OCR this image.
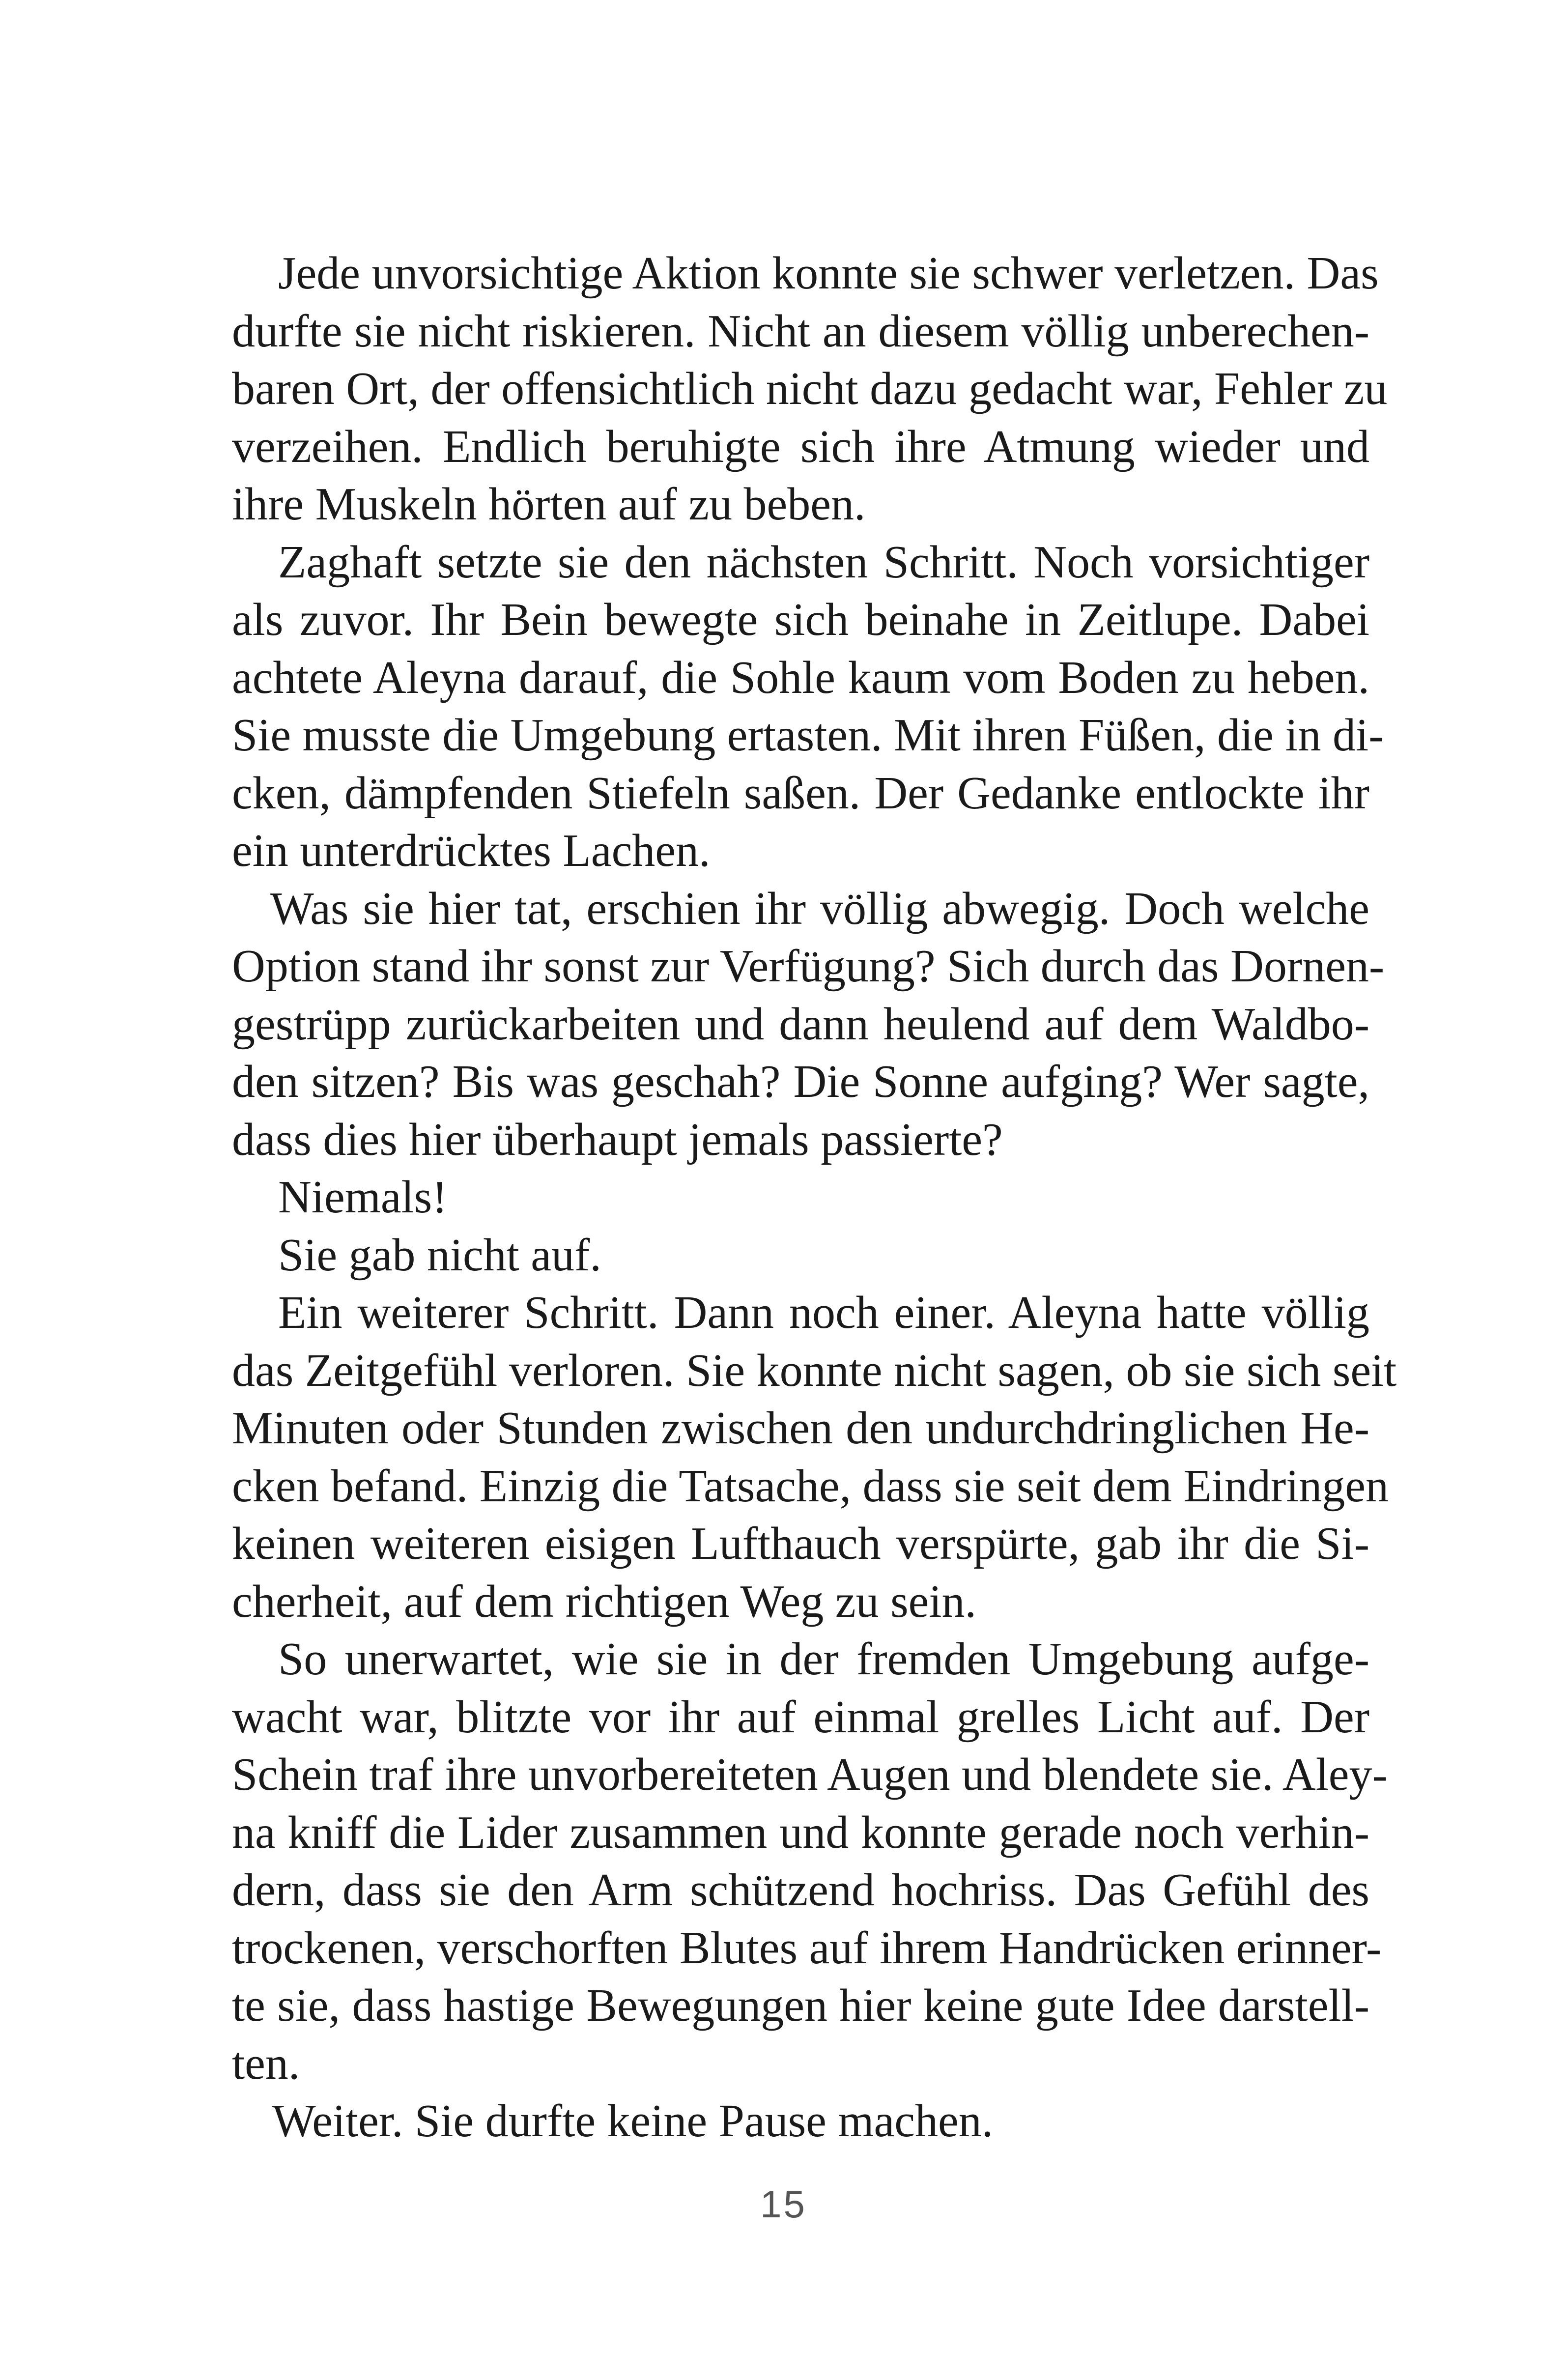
Jede unvorsichtige Aktion konnte sie schwer verletzen. Das
durfte sie nicht riskieren. Nicht an diesem völlig unberechen-
baren Ort, der offensichtlich nicht dazu gedacht war, Fehler zu
verzeihen. Endlich beruhigte sich ihre Atmung wieder und
ihre Muskeln hörten auf zu beben.
Zaghaft setzte sie den nächsten Schritt. Noch vorsichtiger
als zuvor. Ihr Bein bewegte sich beinahe in Zeitlupe. Dabei
achtete Aleyna darauf, die Sohle kaum vom Boden zu heben.
Sie musste die Umgebung ertasten. Mit ihren Füßen, die in di-
cken, dämpfenden Stiefeln saßen. Der Gedanke entlockte ihr
ein unterdrücktes Lachen.
Was sie hier tat, erschien ihr völlig abwegig. Doch welche
Option stand ihr sonst zur Verfügung? Sich durch das Dornen-
gestrüpp zurückarbeiten und dann heulend auf dem Waldbo-
den sitzen? Bis was geschah? Die Sonne aufging? Wer sagte,
dass dies hier überhaupt jemals passierte?
Niemals!
Sie gab nicht auf.
Ein weiterer Schritt. Dann noch einer. Aleyna hatte völlig
das Zeitgefühl verloren. Sie konnte nicht sagen, ob sie sich seit
Minuten oder Stunden zwischen den undurchdringlichen He-
cken befand. Einzig die Tatsache, dass sie seit dem Eindringen
keinen weiteren eisigen Lufthauch verspürte, gab ihr die Si-
cherheit, auf dem richtigen Weg zu sein.
So unerwartet, wie sie in der fremden Umgebung aufge-
wacht war, blitzte vor ihr auf einmal grelles Licht auf. Der
Schein traf ihre unvorbereiteten Augen und blendete sie. Aley-
na kniff die Lider zusammen und konnte gerade noch verhin-
dern, dass sie den Arm schützend hochriss. Das Gefühl des
trockenen, verschorften Blutes auf ihrem Handrücken erinner-
te sie, dass hastige Bewegungen hier keine gute Idee darstell-
ten.
Weiter. Sie durfte keine Pause machen.
15
